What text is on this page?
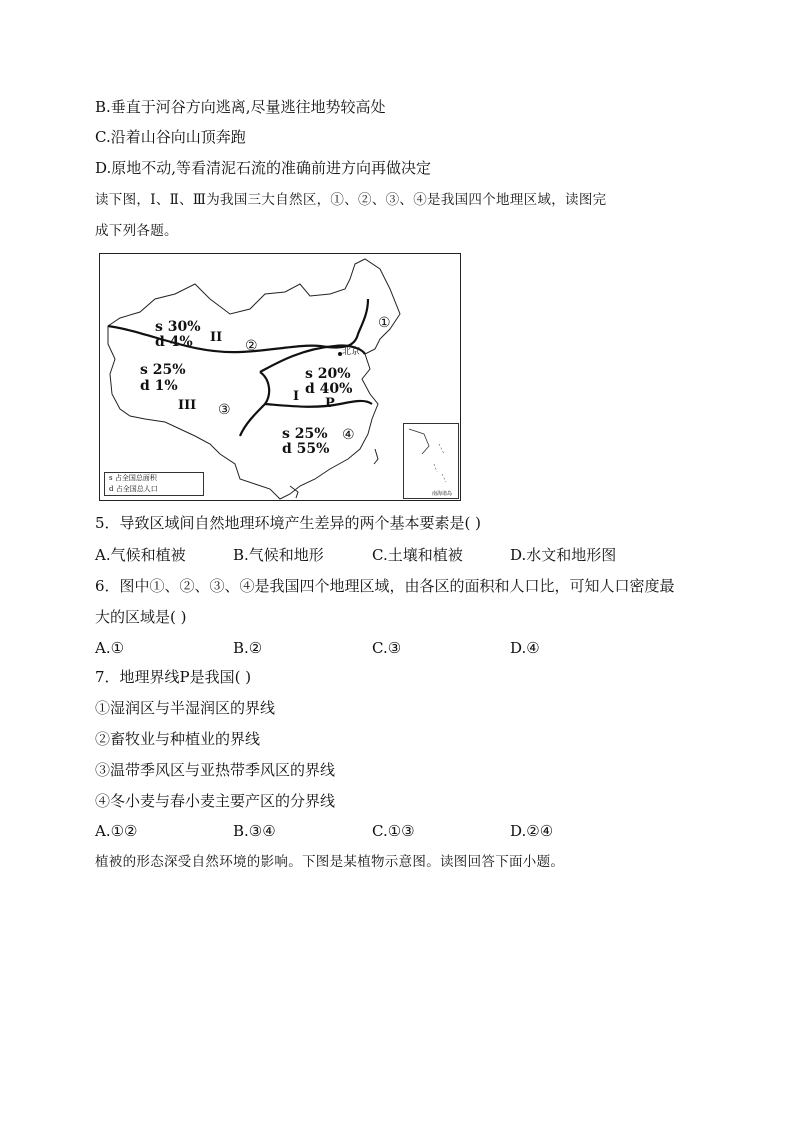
B.垂直于河谷方向逃离,尽量逃往地势较高处
C.沿着山谷向山顶奔跑
D.原地不动,等看清泥石流的准确前进方向再做决定
读下图，Ⅰ、Ⅱ、Ⅲ为我国三大自然区，①、②、③、④是我国四个地理区域，读图完
成下列各题。
s 30%
d 4% II
②
s 25%
d 1%
III ③
s 20%
d 40%
I P
s 25%
d 55%
④
①
北京
s 占全国总面积
d 占全国总人口
南海诸岛
5．导致区域间自然地理环境产生差异的两个基本要素是( )
A.气候和植被	B.气候和地形	C.土壤和植被	D.水文和地形图
6．图中①、②、③、④是我国四个地理区域，由各区的面积和人口比，可知人口密度最
大的区域是( )
A.①	B.②	C.③	D.④
7．地理界线P是我国( )
①湿润区与半湿润区的界线
②畜牧业与种植业的界线
③温带季风区与亚热带季风区的界线
④冬小麦与春小麦主要产区的分界线
A.①②	B.③④	C.①③	D.②④
植被的形态深受自然环境的影响。下图是某植物示意图。读图回答下面小题。
